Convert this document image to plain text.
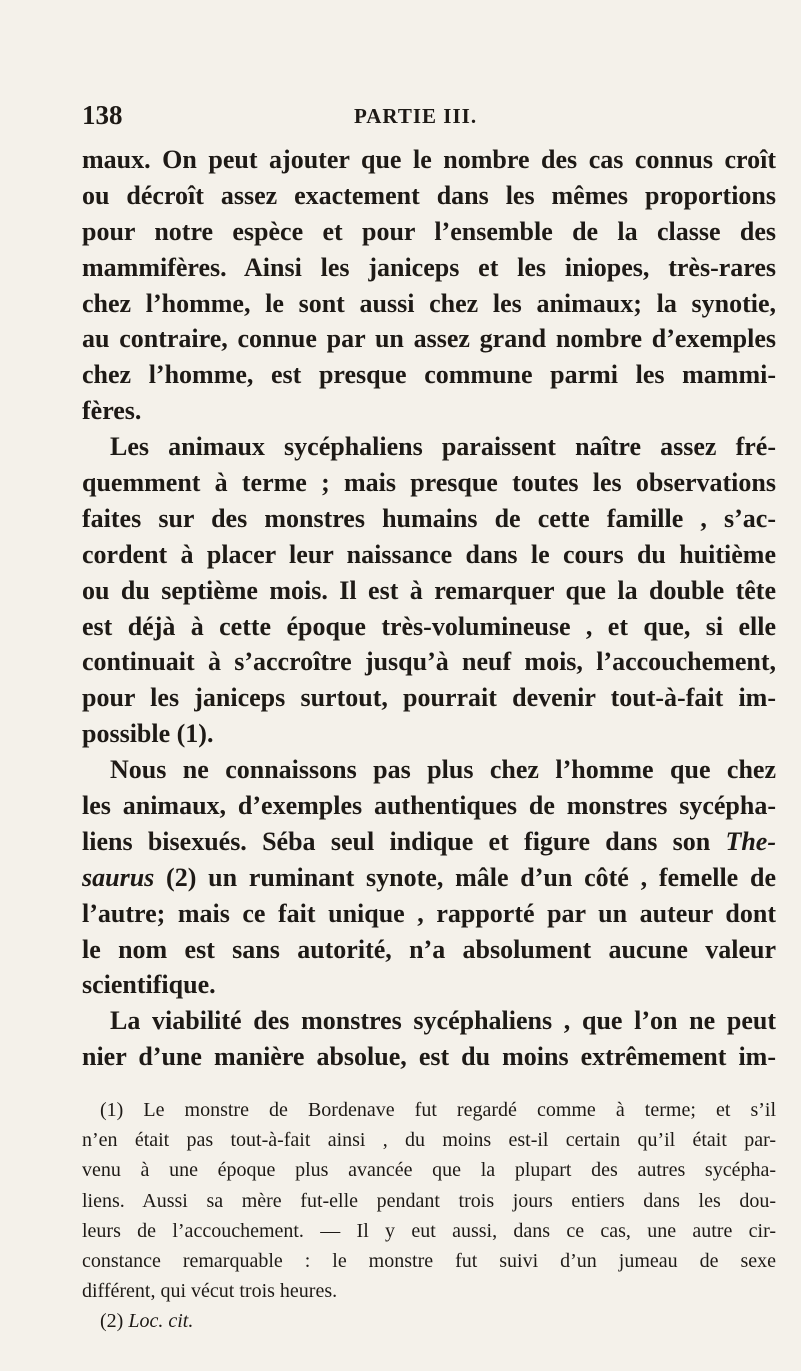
138	PARTIE III.
maux. On peut ajouter que le nombre des cas connus croît
ou décroît assez exactement dans les mêmes proportions
pour notre espèce et pour l’ensemble de la classe des
mammifères. Ainsi les janiceps et les iniopes, très-rares
chez l’homme, le sont aussi chez les animaux; la synotie,
au contraire, connue par un assez grand nombre d’exemples
chez l’homme, est presque commune parmi les mammi-
fères.
Les animaux sycéphaliens paraissent naître assez fré-
quemment à terme ; mais presque toutes les observations
faites sur des monstres humains de cette famille , s’ac-
cordent à placer leur naissance dans le cours du huitième
ou du septième mois. Il est à remarquer que la double tête
est déjà à cette époque très-volumineuse , et que, si elle
continuait à s’accroître jusqu’à neuf mois, l’accouchement,
pour les janiceps surtout, pourrait devenir tout-à-fait im-
possible (1).
Nous ne connaissons pas plus chez l’homme que chez
les animaux, d’exemples authentiques de monstres sycépha-
liens bisexués. Séba seul indique et figure dans son The-
saurus (2) un ruminant synote, mâle d’un côté , femelle de
l’autre; mais ce fait unique , rapporté par un auteur dont
le nom est sans autorité, n’a absolument aucune valeur
scientifique.
La viabilité des monstres sycéphaliens , que l’on ne peut
nier d’une manière absolue, est du moins extrêmement im-
(1) Le monstre de Bordenave fut regardé comme à terme; et s’il
n’en était pas tout-à-fait ainsi , du moins est-il certain qu’il était par-
venu à une époque plus avancée que la plupart des autres sycépha-
liens. Aussi sa mère fut-elle pendant trois jours entiers dans les dou-
leurs de l’accouchement. — Il y eut aussi, dans ce cas, une autre cir-
constance remarquable : le monstre fut suivi d’un jumeau de sexe
différent, qui vécut trois heures.
(2) Loc. cit.
